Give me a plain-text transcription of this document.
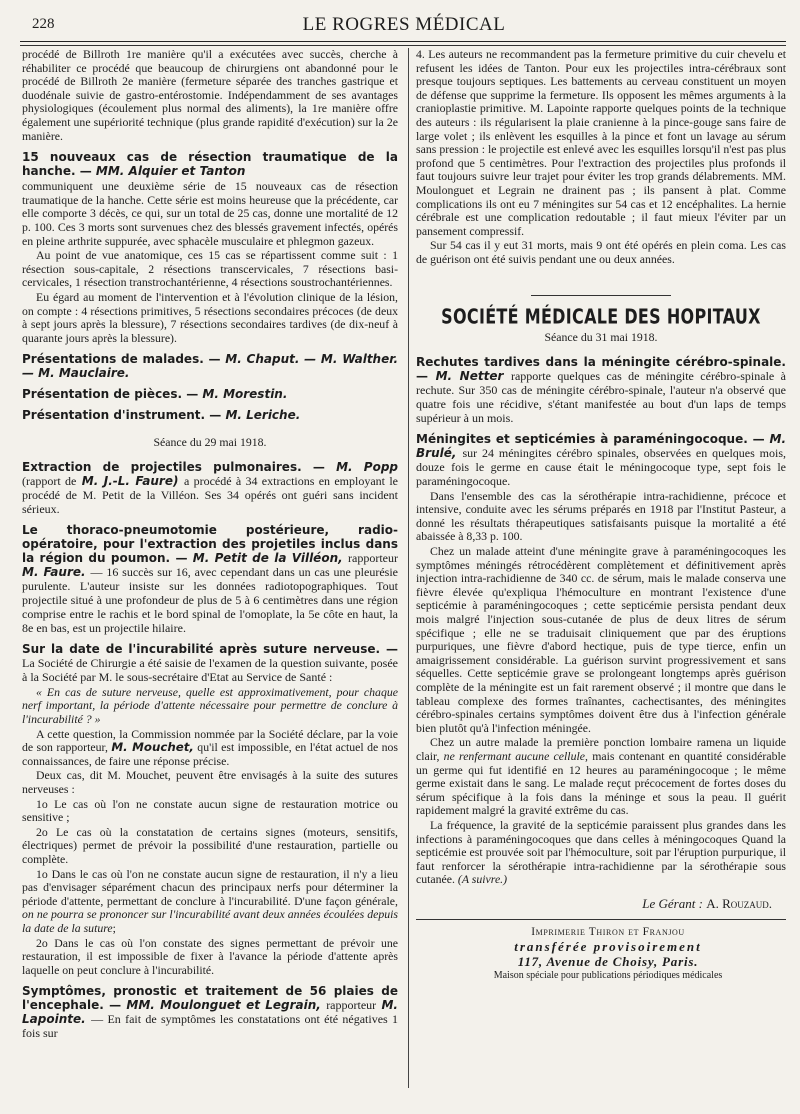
228	LE ROGRES MÉDICAL

procédé de Billroth 1re manière qu'il a exécutées avec succès, cherche à réhabiliter ce procédé que beaucoup de chirurgiens ont abandonné pour le procédé de Billroth 2e manière (fermeture séparée des tranches gastrique et duodénale suivie de gastro-entérostomie. Indépendamment de ses avantages physiologiques (écoulement plus normal des aliments), la 1re manière offre également une supériorité technique (plus grande rapidité d'exécution) sur la 2e manière.

15 nouveaux cas de résection traumatique de la hanche. — MM. Alquier et Tanton

communiquent une deuxième série de 15 nouveaux cas de résection traumatique de la hanche. Cette série est moins heureuse que la précédente, car elle comporte 3 décès, ce qui, sur un total de 25 cas, donne une mortalité de 12 p. 100. Ces 3 morts sont survenues chez des blessés gravement infectés, opérés en pleine arthrite suppurée, avec sphacèle musculaire et phlegmon gazeux.

Au point de vue anatomique, ces 15 cas se répartissent comme suit : 1 résection sous-capitale, 2 résections transcervicales, 7 résections basi-cervicales, 1 résection transtrochantérienne, 4 résections soustrochantériennes.

Eu égard au moment de l'intervention et à l'évolution clinique de la lésion, on compte : 4 résections primitives, 5 résections secondaires précoces (de deux à sept jours après la blessure), 7 résections secondaires tardives (de dix-neuf à quarante jours après la blessure).

Présentations de malades. — M. Chaput. — M. Walther. — M. Mauclaire.
Présentation de pièces. — M. Morestin.
Présentation d'instrument. — M. Leriche.
Séance du 29 mai 1918.
Extraction de projectiles pulmonaires. — M. Popp (rapport de M. J.-L. Faure) a procédé à 34 extractions en employant le procédé de M. Petit de la Villéon. Ses 34 opérés ont guéri sans incident sérieux.
Le thoraco-pneumotomie postérieure, radio-opératoire, pour l'extraction des projetiles inclus dans la région du poumon. — M. Petit de la Villéon, rapporteur M. Faure. — 16 succès sur 16, avec cependant dans un cas une pleurésie purulente. L'auteur insiste sur les données radiotopographiques. Tout projectile situé à une profondeur de plus de 5 à 6 centimètres dans une région comprise entre le rachis et le bord spinal de l'omoplate, la 5e côte en haut, la 8e en bas, est un projectile hilaire.
Sur la date de l'incurabilité après suture nerveuse. — La Société de Chirurgie a été saisie de l'examen de la question suivante, posée à la Société par M. le sous-secrétaire d'Etat au Service de Santé :

« En cas de suture nerveuse, quelle est approximativement, pour chaque nerf important, la période d'attente nécessaire pour permettre de conclure à l'incurabilité ? »

A cette question, la Commission nommée par la Société déclare, par la voie de son rapporteur, M. Mouchet, qu'il est impossible, en l'état actuel de nos connaissances, de faire une réponse précise.

Deux cas, dit M. Mouchet, peuvent être envisagés à la suite des sutures nerveuses :

1o Le cas où l'on ne constate aucun signe de restauration motrice ou sensitive ;

2o Le cas où la constatation de certains signes (moteurs, sensitifs, électriques) permet de prévoir la possibilité d'une restauration, partielle ou complète.

1o Dans le cas où l'on ne constate aucun signe de restauration, il n'y a lieu pas d'envisager séparément chacun des principaux nerfs pour déterminer la période d'attente, permettant de conclure à l'incurabilité. D'une façon générale, on ne pourra se prononcer sur l'incurabilité avant deux années écoulées depuis la date de la suture;

2o Dans le cas où l'on constate des signes permettant de prévoir une restauration, il est impossible de fixer à l'avance la période d'attente après laquelle on peut conclure à l'incurabilité.

Symptômes, pronostic et traitement de 56 plaies de l'encephale. — MM. Moulonguet et Legrain, rapporteur M. Lapointe. — En fait de symptômes les constatations ont été négatives 1 fois sur

4. Les auteurs ne recommandent pas la fermeture primitive du cuir chevelu et refusent les idées de Tanton. Pour eux les projectiles intra-cérébraux sont presque toujours septiques. Les battements au cerveau constituent un moyen de défense que supprime la fermeture. Ils opposent les mêmes arguments à la cranioplastie primitive. M. Lapointe rapporte quelques points de la technique des auteurs : ils régularisent la plaie cranienne à la pince-gouge sans faire de large volet ; ils enlèvent les esquilles à la pince et font un lavage au sérum sans pression : le projectile est enlevé avec les esquilles lorsqu'il n'est pas plus profond que 5 centimètres. Pour l'extraction des projectiles plus profonds il faut toujours suivre leur trajet pour éviter les trop grands délabrements. MM. Moulonguet et Legrain ne drainent pas ; ils pansent à plat. Comme complications ils ont eu 7 méningites sur 54 cas et 12 encéphalites. La hernie cérébrale est une complication redoutable ; il faut mieux l'éviter par un pansement compressif.

Sur 54 cas il y eut 31 morts, mais 9 ont été opérés en plein coma. Les cas de guérison ont été suivis pendant une ou deux années.

SOCIÉTÉ MÉDICALE DES HOPITAUX
Séance du 31 mai 1918.
Rechutes tardives dans la méningite cérébro-spinale. — M. Netter rapporte quelques cas de méningite cérébro-spinale à rechute. Sur 350 cas de méningite cérébro-spinale, l'auteur n'a observé que quatre fois une récidive, s'étant manifestée au bout d'un laps de temps supérieur à un mois.
Méningites et septicémies à paraméningocoque. — M. Brulé, sur 24 méningites cérébro spinales, observées en quelques mois, douze fois le germe en cause était le méningocoque type, sept fois le paraméningocoque.

Dans l'ensemble des cas la sérothérapie intra-rachidienne, précoce et intensive, conduite avec les sérums préparés en 1918 par l'Institut Pasteur, a donné les résultats thérapeutiques satisfaisants puisque la mortalité a été abaissée à 8,33 p. 100.

Chez un malade atteint d'une méningite grave à paraméningocoques les symptômes méningés rétrocédèrent complètement et définitivement après injection intra-rachidienne de 340 cc. de sérum, mais le malade conserva une fièvre élevée qu'expliqua l'hémoculture en montrant l'existence d'une septicémie à paraméningocoques ; cette septicémie persista pendant deux mois malgré l'injection sous-cutanée de plus de deux litres de sérum spécifique ; elle ne se traduisait cliniquement que par des éruptions purpuriques, une fièvre d'abord hectique, puis de type tierce, enfin un amaigrissement considérable. La guérison survint progressivement et sans séquelles. Cette septicémie grave se prolongeant longtemps après guérison complète de la méningite est un fait rarement observé ; il montre que dans le tableau complexe des formes traînantes, cachectisantes, des méningites cérébro-spinales certains symptômes doivent être dus à l'infection générale bien plutôt qu'à l'infection méningée.

Chez un autre malade la première ponction lombaire ramena un liquide clair, ne renfermant aucune cellule, mais contenant en quantité considérable un germe qui fut identifié en 12 heures au paraméningocoque ; le même germe existait dans le sang. Le malade reçut précocement de fortes doses du sérum spécifique à la fois dans la méninge et sous la peau. Il guérit rapidement malgré la gravité extrême du cas.

La fréquence, la gravité de la septicémie paraissent plus grandes dans les infections à paraméningocoques que dans celles à méningocoques Quand la septicémie est prouvée soit par l'hémoculture, soit par l'éruption purpurique, il faut renforcer la sérothérapie intra-rachidienne par la sérothérapie sous cutanée. (A suivre.)

Le Gérant : A. Rouzaud.

Imprimerie Thiron et Franjou

transférée provisoirement

117, Avenue de Choisy, Paris.

Maison spéciale pour publications périodiques médicales
